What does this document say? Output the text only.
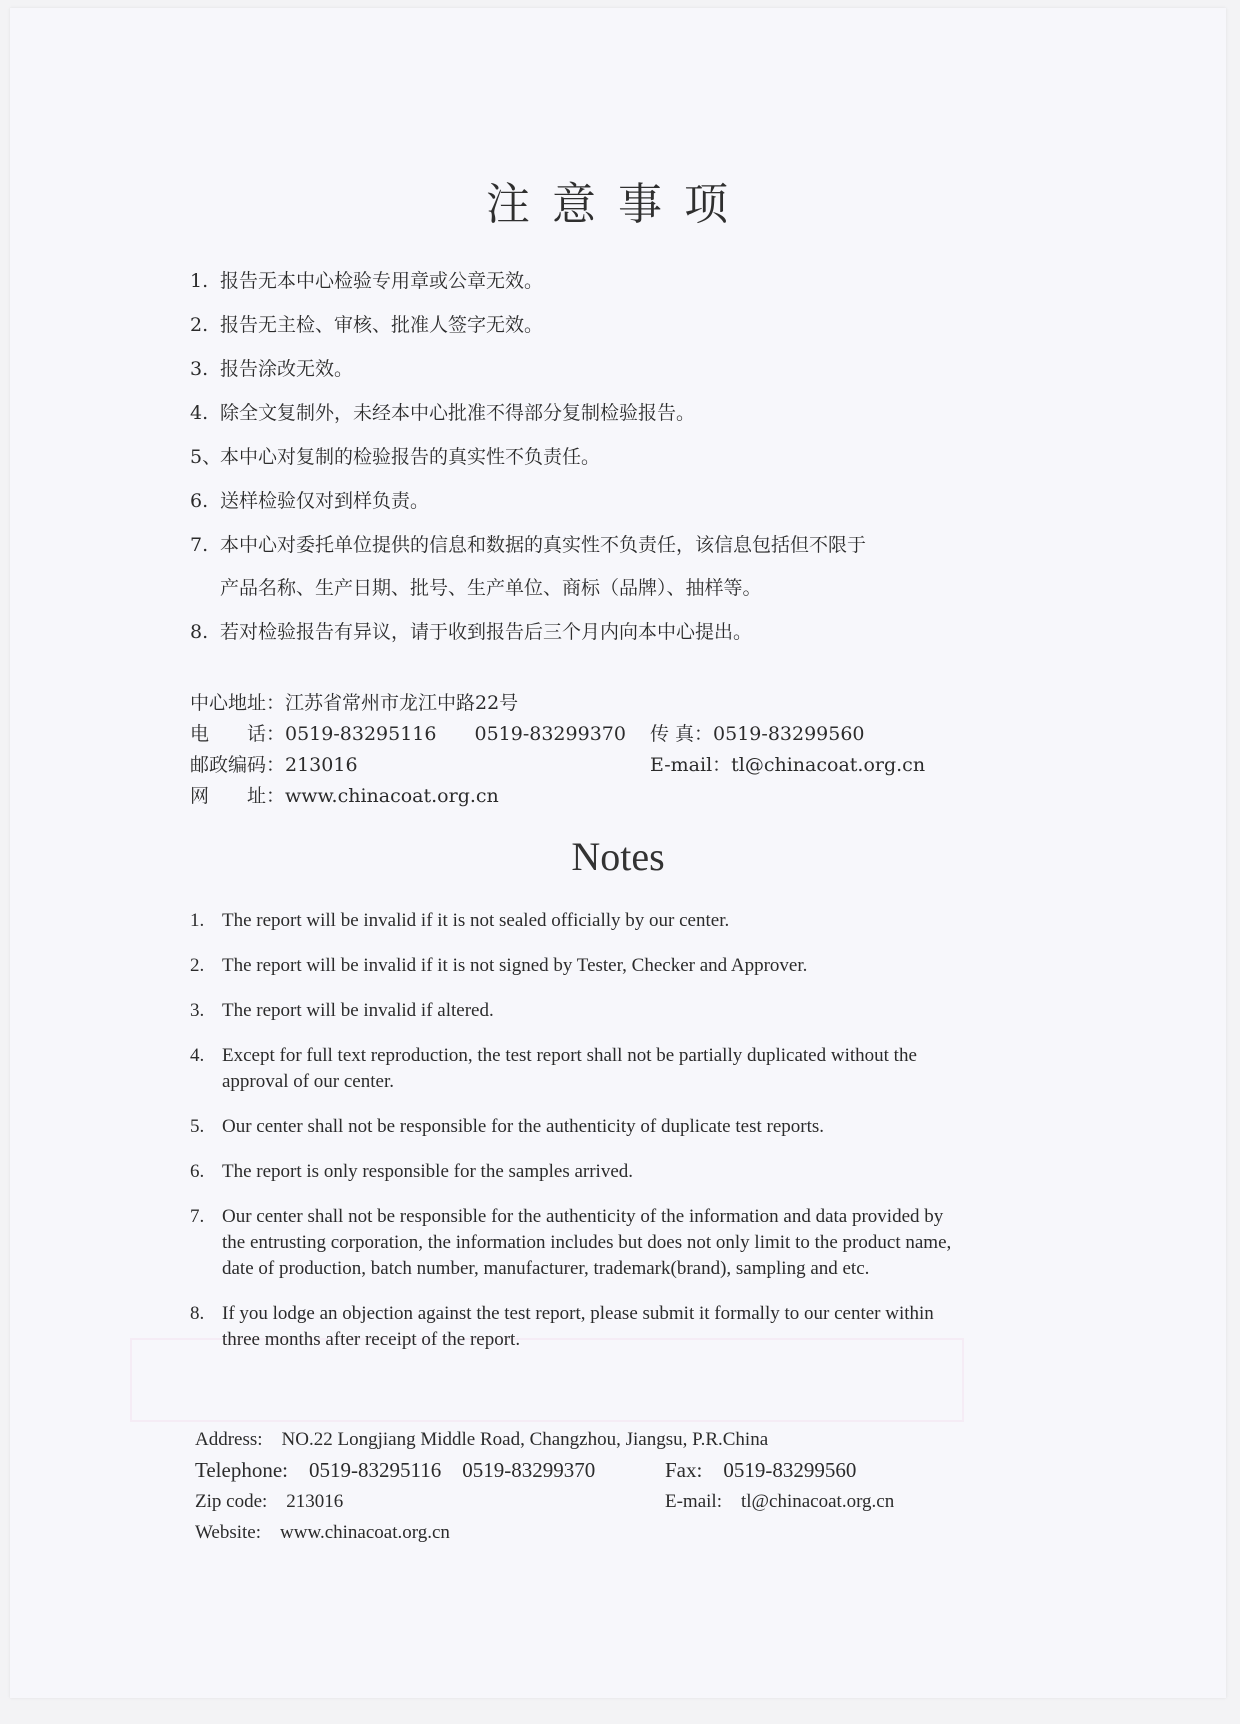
注意事项
1. 报告无本中心检验专用章或公章无效。
2. 报告无主检、审核、批准人签字无效。
3. 报告涂改无效。
4. 除全文复制外，未经本中心批准不得部分复制检验报告。
5、
本中心对复制的检验报告的真实性不负责任。
6. 送样检验仅对到样负责。
7. 本中心对委托单位提供的信息和数据的真实性不负责任，该信息包括但不限于
产品名称、生产日期、批号、生产单位、商标（品牌）、抽样等。
8. 若对检验报告有异议，请于收到报告后三个月内向本中心提出。
中心地址：江苏省常州市龙江中路22号
电　　话：0519-83295116　　0519-83299370 传 真：0519-83299560
邮政编码：213016	E-mail：tl@chinacoat.org.cn
网　　址：www.chinacoat.org.cn
Notes
1. The report will be invalid if it is not sealed officially by our center.
2. The report will be invalid if it is not signed by Tester, Checker and Approver.
3. The report will be invalid if altered.
4. Except for full text reproduction, the test report shall not be partially duplicated without the approval of our center.
5. Our center shall not be responsible for the authenticity of duplicate test reports.
6. The report is only responsible for the samples arrived.
7. Our center shall not be responsible for the authenticity of the information and data provided by the entrusting corporation, the information includes but does not only limit to the product name, date of production, batch number, manufacturer, trademark(brand), sampling and etc.
8. If you lodge an objection against the test report, please submit it formally to our center within three months after receipt of the report.
Address:　NO.22 Longjiang Middle Road, Changzhou, Jiangsu, P.R.China
Telephone:　0519-83295116　0519-83299370	Fax:　0519-83299560
Zip code:　213016	E-mail:　tl@chinacoat.org.cn
Website:　www.chinacoat.org.cn
